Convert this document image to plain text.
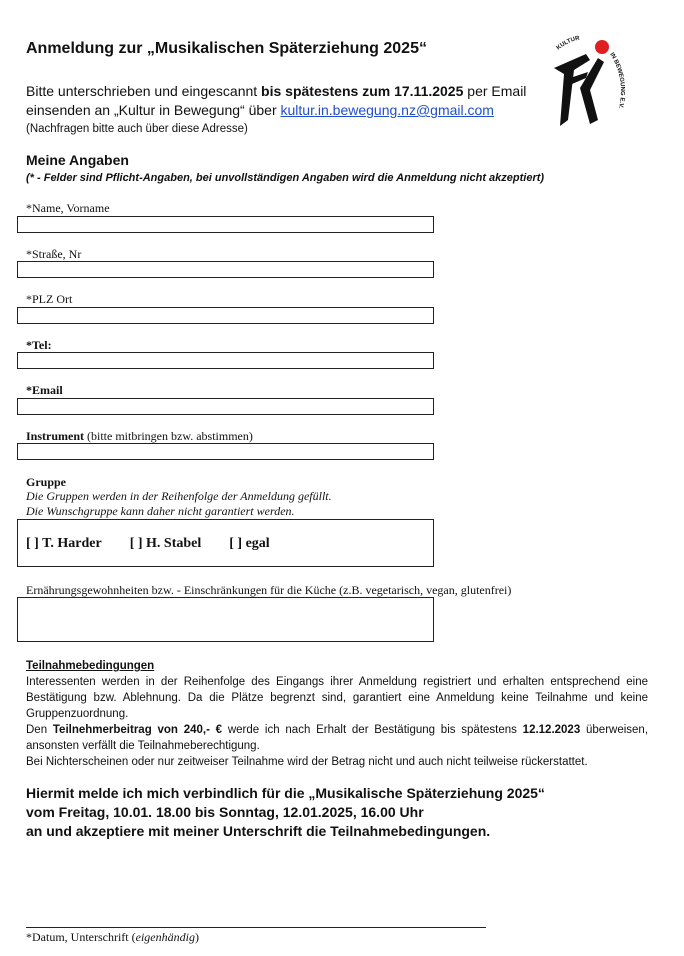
Anmeldung zur „Musikalischen Späterziehung 2025“
Bitte unterschrieben und eingescannt bis spätestens zum 17.11.2025 per Email
einsenden an „Kultur in Bewegung“ über kultur.in.bewegung.nz@gmail.com
(Nachfragen bitte auch über diese Adresse)
KULTUR
IN BEWEGUNG E.V.
Meine Angaben
(* - Felder sind Pflicht-Angaben, bei unvollständigen Angaben wird die Anmeldung nicht akzeptiert)
*Name, Vorname
*Straße, Nr
*PLZ Ort
*Tel:
*Email
Instrument (bitte mitbringen bzw. abstimmen)
Gruppe
Die Gruppen werden in der Reihenfolge der Anmeldung gefüllt.
Die Wunschgruppe kann daher nicht garantiert werden.
[ ] T. Harder [ ] H. Stabel [ ] egal
Ernährungsgewohnheiten bzw. - Einschränkungen für die Küche (z.B. vegetarisch, vegan, glutenfrei)
Teilnahmebedingungen

Interessenten werden in der Reihenfolge des Eingangs ihrer Anmeldung registriert und erhalten entsprechend eine Bestätigung bzw. Ablehnung. Da die Plätze begrenzt sind, garantiert eine Anmeldung keine Teilnahme und keine Gruppenzuordnung.

Den Teilnehmerbeitrag von 240,- € werde ich nach Erhalt der Bestätigung bis spätestens 12.12.2023 überweisen, ansonsten verfällt die Teilnahmeberechtigung.

Bei Nichterscheinen oder nur zeitweiser Teilnahme wird der Betrag nicht und auch nicht teilweise rückerstattet.

Hiermit melde ich mich verbindlich für die „Musikalische Späterziehung 2025“
vom Freitag, 10.01. 18.00 bis Sonntag, 12.01.2025, 16.00 Uhr
an und akzeptiere mit meiner Unterschrift die Teilnahmebedingungen.
*Datum, Unterschrift (eigenhändig)
